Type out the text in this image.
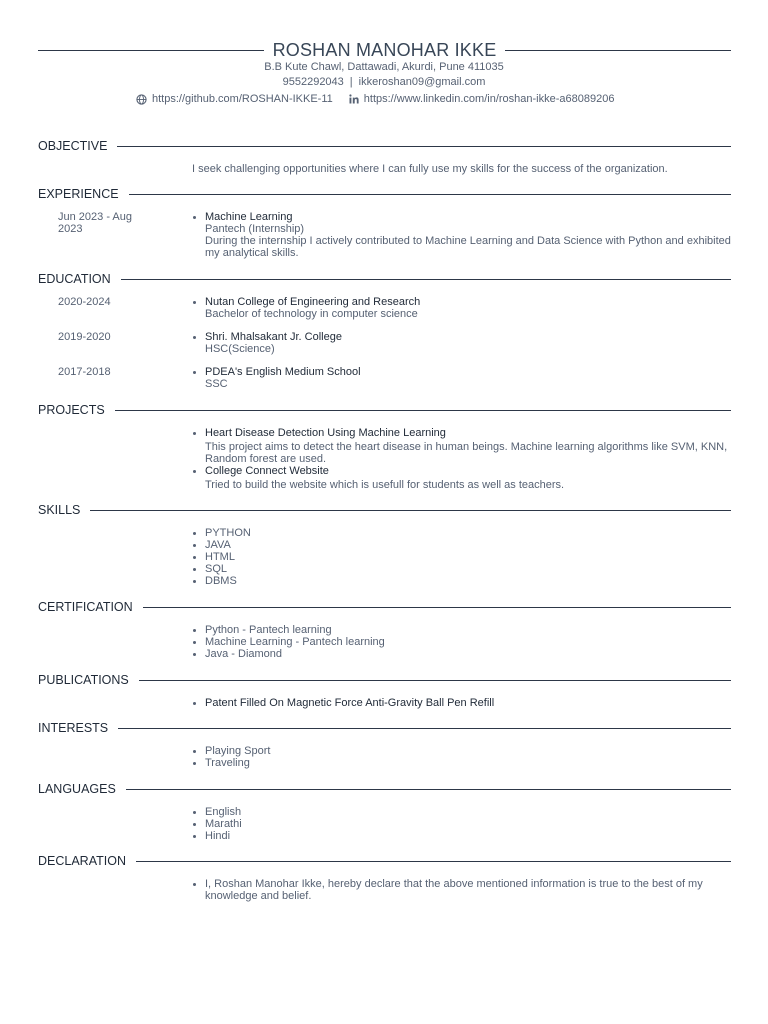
ROSHAN MANOHAR IKKE
B.B Kute Chawl, Dattawadi, Akurdi, Pune 411035
9552292043 | ikkeroshan09@gmail.com
https://github.com/ROSHAN-IKKE-11	https://www.linkedin.com/in/roshan-ikke-a68089206
OBJECTIVE
I seek challenging opportunities where I can fully use my skills for the success of the organization.
EXPERIENCE
Jun 2023 - Aug 2023
• Machine Learning
Pantech (Internship)
During the internship I actively contributed to Machine Learning and Data Science with Python and exhibited my analytical skills.
EDUCATION
2020-2024	• Nutan College of Engineering and Research
Bachelor of technology in computer science
2019-2020	• Shri. Mhalsakant Jr. College
HSC(Science)
2017-2018	• PDEA's English Medium School
SSC
PROJECTS
• Heart Disease Detection Using Machine Learning
This project aims to detect the heart disease in human beings. Machine learning algorithms like SVM, KNN, Random forest are used.
• College Connect Website
Tried to build the website which is usefull for students as well as teachers.
SKILLS
• PYTHON
• JAVA
• HTML
• SQL
• DBMS
CERTIFICATION
• Python - Pantech learning
• Machine Learning - Pantech learning
• Java - Diamond
PUBLICATIONS
• Patent Filled On Magnetic Force Anti-Gravity Ball Pen Refill
INTERESTS
• Playing Sport
• Traveling
LANGUAGES
• English
• Marathi
• Hindi
DECLARATION
• I, Roshan Manohar Ikke, hereby declare that the above mentioned information is true to the best of my knowledge and belief.
